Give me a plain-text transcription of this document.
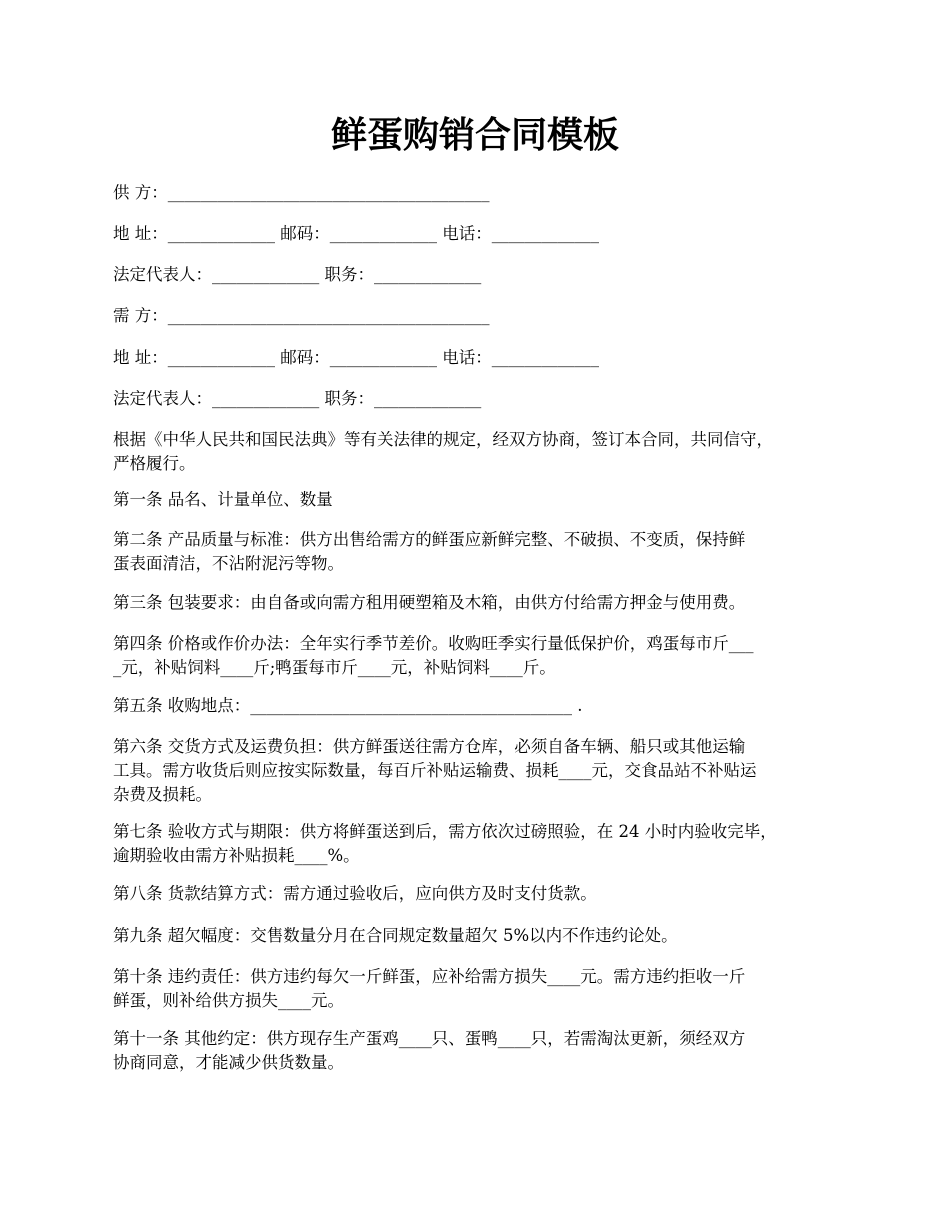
鲜蛋购销合同模板

供 方：_______________________________________

地 址：_____________ 邮码：_____________ 电话：_____________

法定代表人：_____________ 职务：_____________

需 方：_______________________________________

地 址：_____________ 邮码：_____________ 电话：_____________

法定代表人：_____________ 职务：_____________

根据《中华人民共和国民法典》等有关法律的规定，经双方协商，签订本合同，共同信守，
严格履行。
第一条 品名、计量单位、数量
第二条 产品质量与标准：供方出售给需方的鲜蛋应新鲜完整、不破损、不变质，保持鲜
蛋表面清洁，不沾附泥污等物。
第三条 包装要求：由自备或向需方租用硬塑箱及木箱，由供方付给需方押金与使用费。
第四条 价格或作价办法：全年实行季节差价。收购旺季实行量低保护价，鸡蛋每市斤___
_元，补贴饲料____斤;鸭蛋每市斤____元，补贴饲料____斤。
第五条 收购地点：_______________________________________ .
第六条 交货方式及运费负担：供方鲜蛋送往需方仓库，必须自备车辆、船只或其他运输
工具。需方收货后则应按实际数量，每百斤补贴运输费、损耗____元，交食品站不补贴运
杂费及损耗。
第七条 验收方式与期限：供方将鲜蛋送到后，需方依次过磅照验，在 24 小时内验收完毕，
逾期验收由需方补贴损耗____%。
第八条 货款结算方式：需方通过验收后，应向供方及时支付货款。
第九条 超欠幅度：交售数量分月在合同规定数量超欠 5%以内不作违约论处。
第十条 违约责任：供方违约每欠一斤鲜蛋，应补给需方损失____元。需方违约拒收一斤
鲜蛋，则补给供方损失____元。
第十一条 其他约定：供方现存生产蛋鸡____只、蛋鸭____只，若需淘汰更新，须经双方
协商同意，才能减少供货数量。
